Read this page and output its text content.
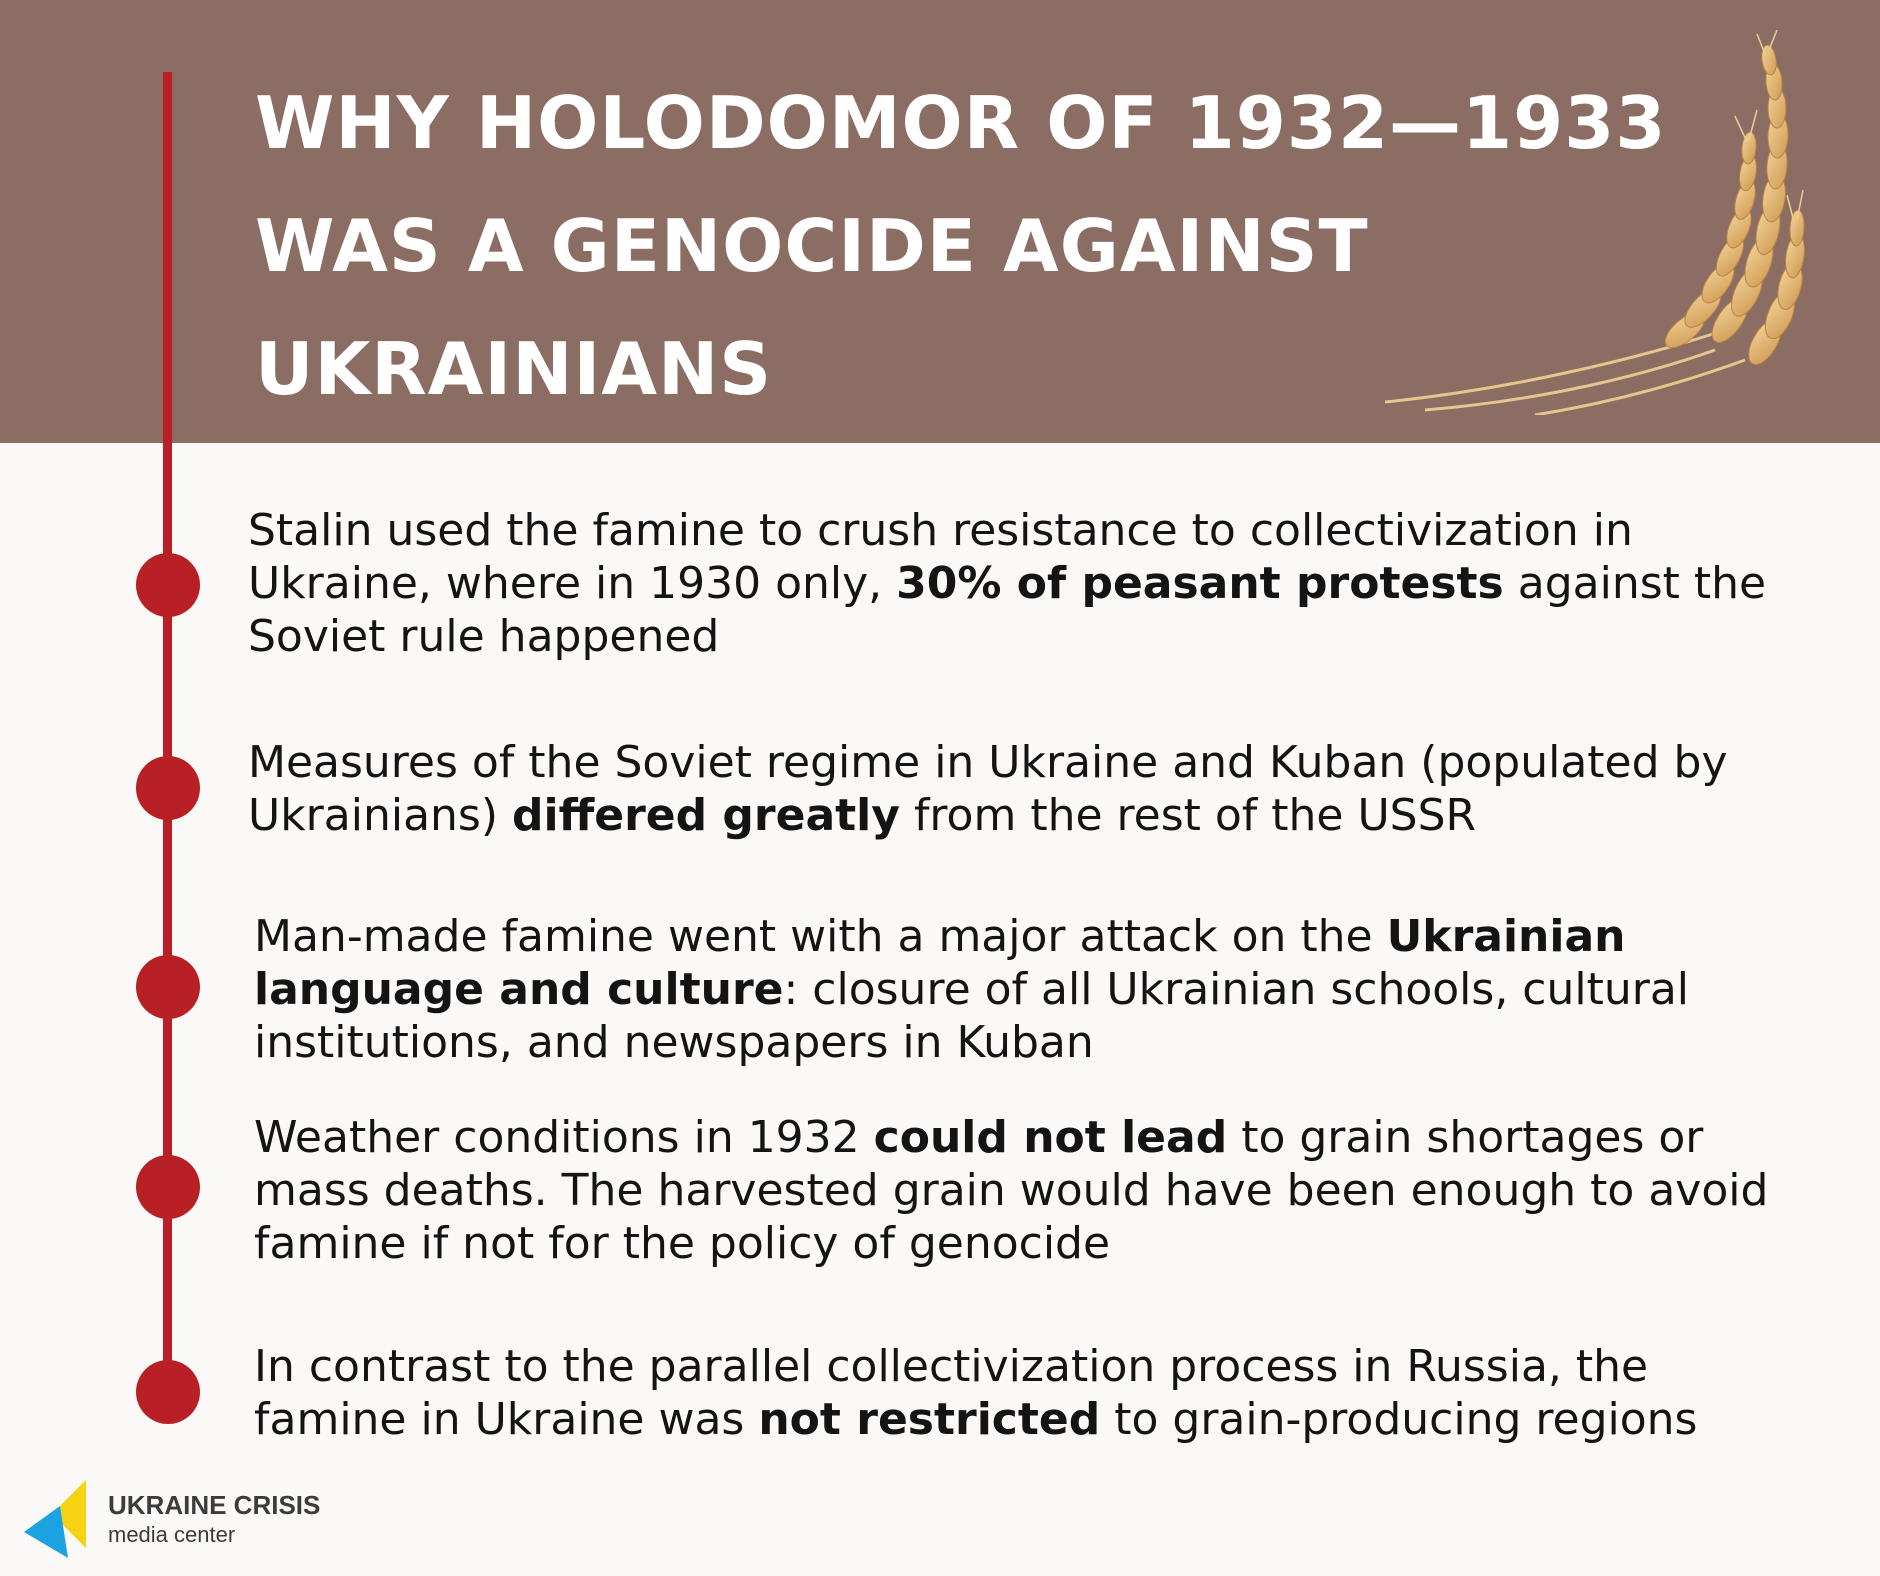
WHY HOLODOMOR OF 1932—1933
WAS A GENOCIDE AGAINST
UKRAINIANS

Stalin used the famine to crush resistance to collectivization in Ukraine, where in 1930 only, 30% of peasant protests against the Soviet rule happened

Measures of the Soviet regime in Ukraine and Kuban (populated by Ukrainians) differed greatly from the rest of the USSR

Man-made famine went with a major attack on the Ukrainian language and culture: closure of all Ukrainian schools, cultural institutions, and newspapers in Kuban

Weather conditions in 1932 could not lead to grain shortages or mass deaths. The harvested grain would have been enough to avoid famine if not for the policy of genocide

In contrast to the parallel collectivization process in Russia, the famine in Ukraine was not restricted to grain-producing regions

UKRAINE CRISIS
media center
